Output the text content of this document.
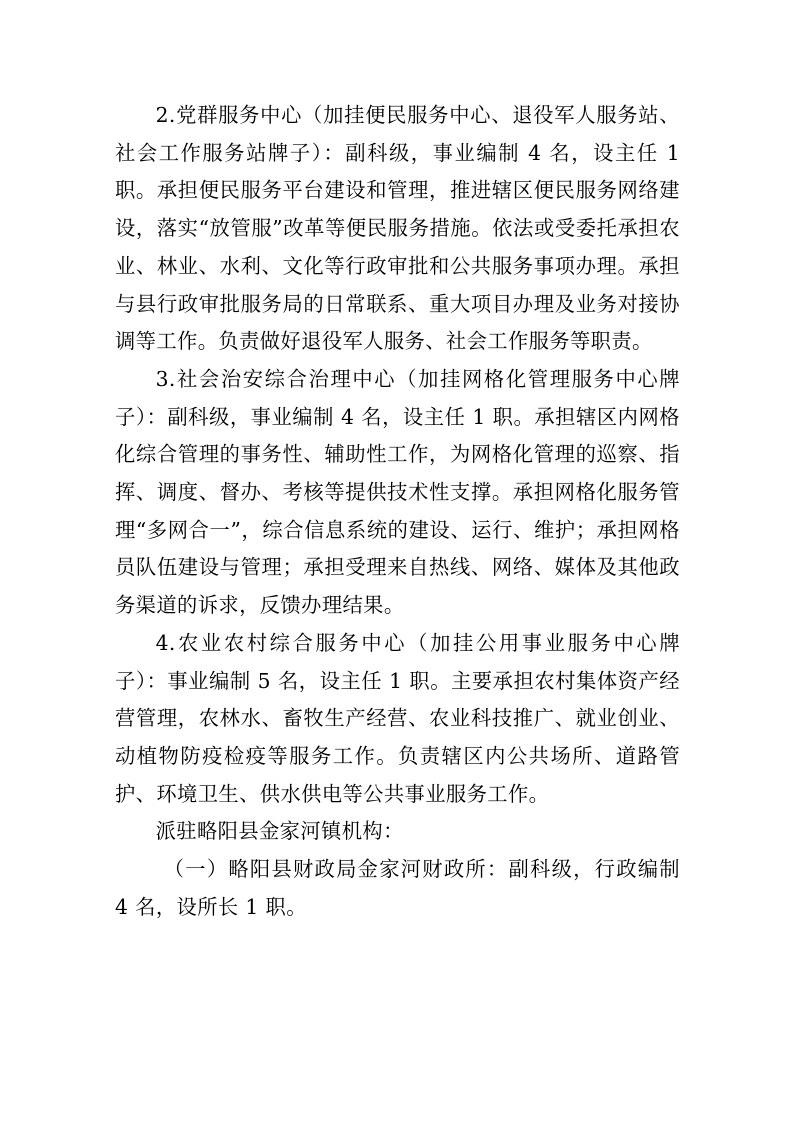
2.党群服务中心（加挂便民服务中心、退役军人服务站、社会工作服务站牌子）：副科级，事业编制 4 名，设主任 1 职。承担便民服务平台建设和管理，推进辖区便民服务网络建设，落实“放管服”改革等便民服务措施。依法或受委托承担农业、林业、水利、文化等行政审批和公共服务事项办理。承担与县行政审批服务局的日常联系、重大项目办理及业务对接协调等工作。负责做好退役军人服务、社会工作服务等职责。

3.社会治安综合治理中心（加挂网格化管理服务中心牌子）：副科级，事业编制 4 名，设主任 1 职。承担辖区内网格化综合管理的事务性、辅助性工作，为网格化管理的巡察、指挥、调度、督办、考核等提供技术性支撑。承担网格化服务管理“多网合一”，综合信息系统的建设、运行、维护；承担网格员队伍建设与管理；承担受理来自热线、网络、媒体及其他政务渠道的诉求，反馈办理结果。

4.农业农村综合服务中心（加挂公用事业服务中心牌子）：事业编制 5 名，设主任 1 职。主要承担农村集体资产经营管理，农林水、畜牧生产经营、农业科技推广、就业创业、动植物防疫检疫等服务工作。负责辖区内公共场所、道路管护、环境卫生、供水供电等公共事业服务工作。

派驻略阳县金家河镇机构：

（一）略阳县财政局金家河财政所：副科级，行政编制 4 名，设所长 1 职。
